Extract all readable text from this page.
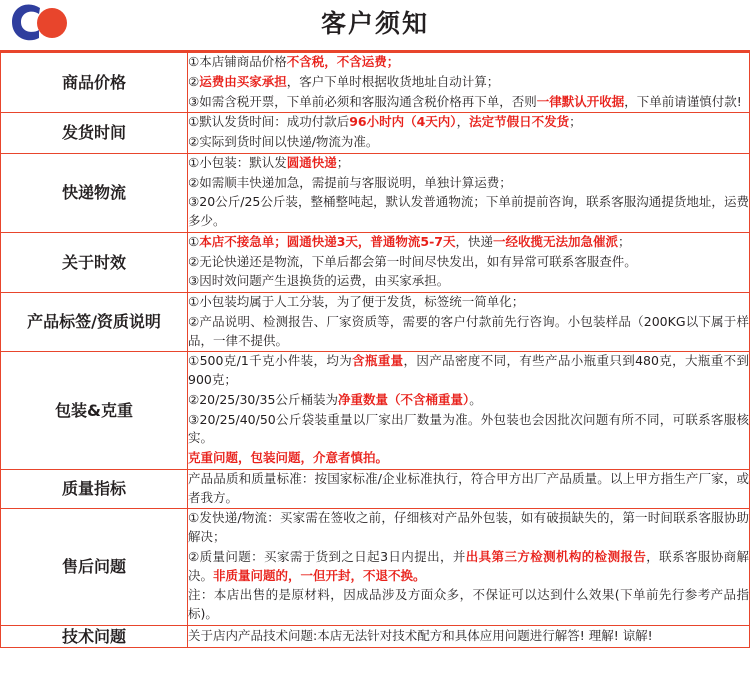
客户须知
商品价格	①本店铺商品价格不含税，不含运费；

②运费由买家承担，客户下单时根据收货地址自动计算；

③如需含税开票，下单前必须和客服沟通含税价格再下单，否则一律默认开收据，下单前请谨慎付款!

发货时间	①默认发货时间：成功付款后96小时内（4天内），法定节假日不发货；

②实际到货时间以快递/物流为准。

快递物流	①小包装：默认发圆通快递；

②如需顺丰快递加急，需提前与客服说明，单独计算运费；

③20公斤/25公斤装，整桶整吨起，默认发普通物流；下单前提前咨询，联系客服沟通提货地址，运费多少。

关于时效	①本店不接急单；圆通快递3天，普通物流5-7天，快递一经收揽无法加急催派；

②无论快递还是物流，下单后都会第一时间尽快发出，如有异常可联系客服查件。

③因时效问题产生退换货的运费，由买家承担。

产品标签/资质说明	①小包装均属于人工分装，为了便于发货，标签统一简单化；

②产品说明、检测报告、厂家资质等，需要的客户付款前先行咨询。小包装样品（200KG以下属于样品，一律不提供。

包装&克重	①500克/1千克小件装，均为含瓶重量，因产品密度不同，有些产品小瓶重只到480克，大瓶重不到900克；

②20/25/30/35公斤桶装为净重数量（不含桶重量）。

③20/25/40/50公斤袋装重量以厂家出厂数量为准。外包装也会因批次问题有所不同，可联系客服核实。

克重问题，包装问题，介意者慎拍。

质量指标	产品品质和质量标准：按国家标准/企业标准执行，符合甲方出厂产品质量。以上甲方指生产厂家，或者我方。

售后问题	①发快递/物流：买家需在签收之前，仔细核对产品外包装，如有破损缺失的，第一时间联系客服协助解决；

②质量问题：买家需于货到之日起3日内提出，并出具第三方检测机构的检测报告，联系客服协商解决。非质量问题的，一但开封，不退不换。

注：本店出售的是原材料，因成品涉及方面众多，不保证可以达到什么效果(下单前先行参考产品指标)。

技术问题	关于店内产品技术问题:本店无法针对技术配方和具体应用问题进行解答! 理解! 谅解!
